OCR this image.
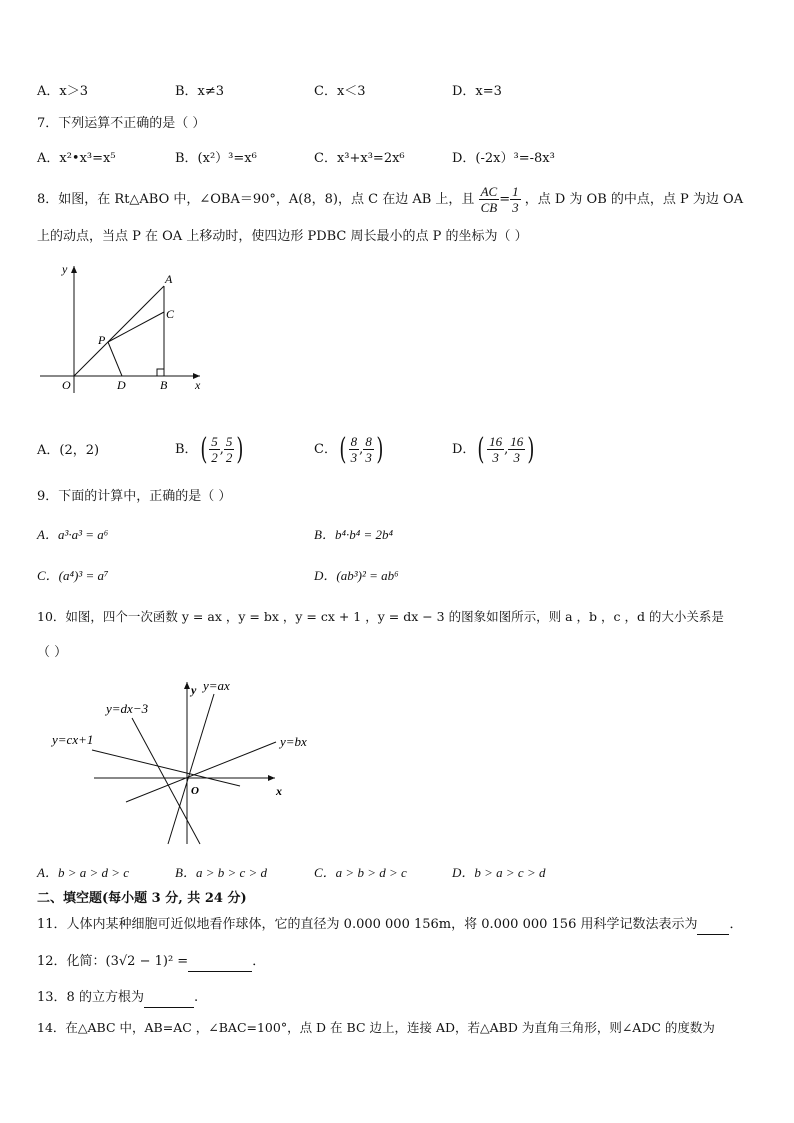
A．x＞3	B．x≠3	C．x＜3	D．x=3
7．下列运算不正确的是（ ）
A．x²•x³=x⁵	B．(x²）³=x⁶	C．x³+x³=2x⁶	D．(-2x）³=-8x³
8．如图，在 Rt△ABO 中，∠OBA＝90°，A(8，8)，点 C 在边 AB 上，且 $\frac{AC}{CB} = \frac{1}{3}$ ，点 D 为 OB 的中点，点 P 为边 OA
上的动点，当点 P 在 OA 上移动时，使四边形 PDBC 周长最小的点 P 的坐标为（ ）
y
x
O
A
B
C
D
P
A．(2，2)	B．( $\frac{5}{2}$ , $\frac{5}{2}$ )	C．( $\frac{8}{3}$ , $\frac{8}{3}$ )	D．( $\frac{16}{3}$ , $\frac{16}{3}$ )
9．下面的计算中，正确的是（ ）
A．a³·a³ = a⁶	B．b⁴·b⁴ = 2b⁴
C．(a⁴)³ = a⁷	D．(ab³)² = ab⁶
10．如图，四个一次函数 y = ax ，y = bx ，y = cx + 1 ，y = dx − 3 的图象如图所示，则 a ，b ，c ，d 的大小关系是
（ ）
y
x
O
y=ax
y=bx
y=cx+1
y=dx−3
A．b > a > d > c	B．a > b > c > d	C．a > b > d > c	D．b > a > c > d
二、填空题(每小题 3 分, 共 24 分)
11．人体内某种细胞可近似地看作球体，它的直径为 0.000 000 156m，将 0.000 000 156 用科学记数法表示为 ．
12．化简：(3√2 − 1)² =	．
13．8 的立方根为	.
14．在△ABC 中，AB=AC ，∠BAC=100°，点 D 在 BC 边上，连接 AD，若△ABD 为直角三角形，则∠ADC 的度数为
